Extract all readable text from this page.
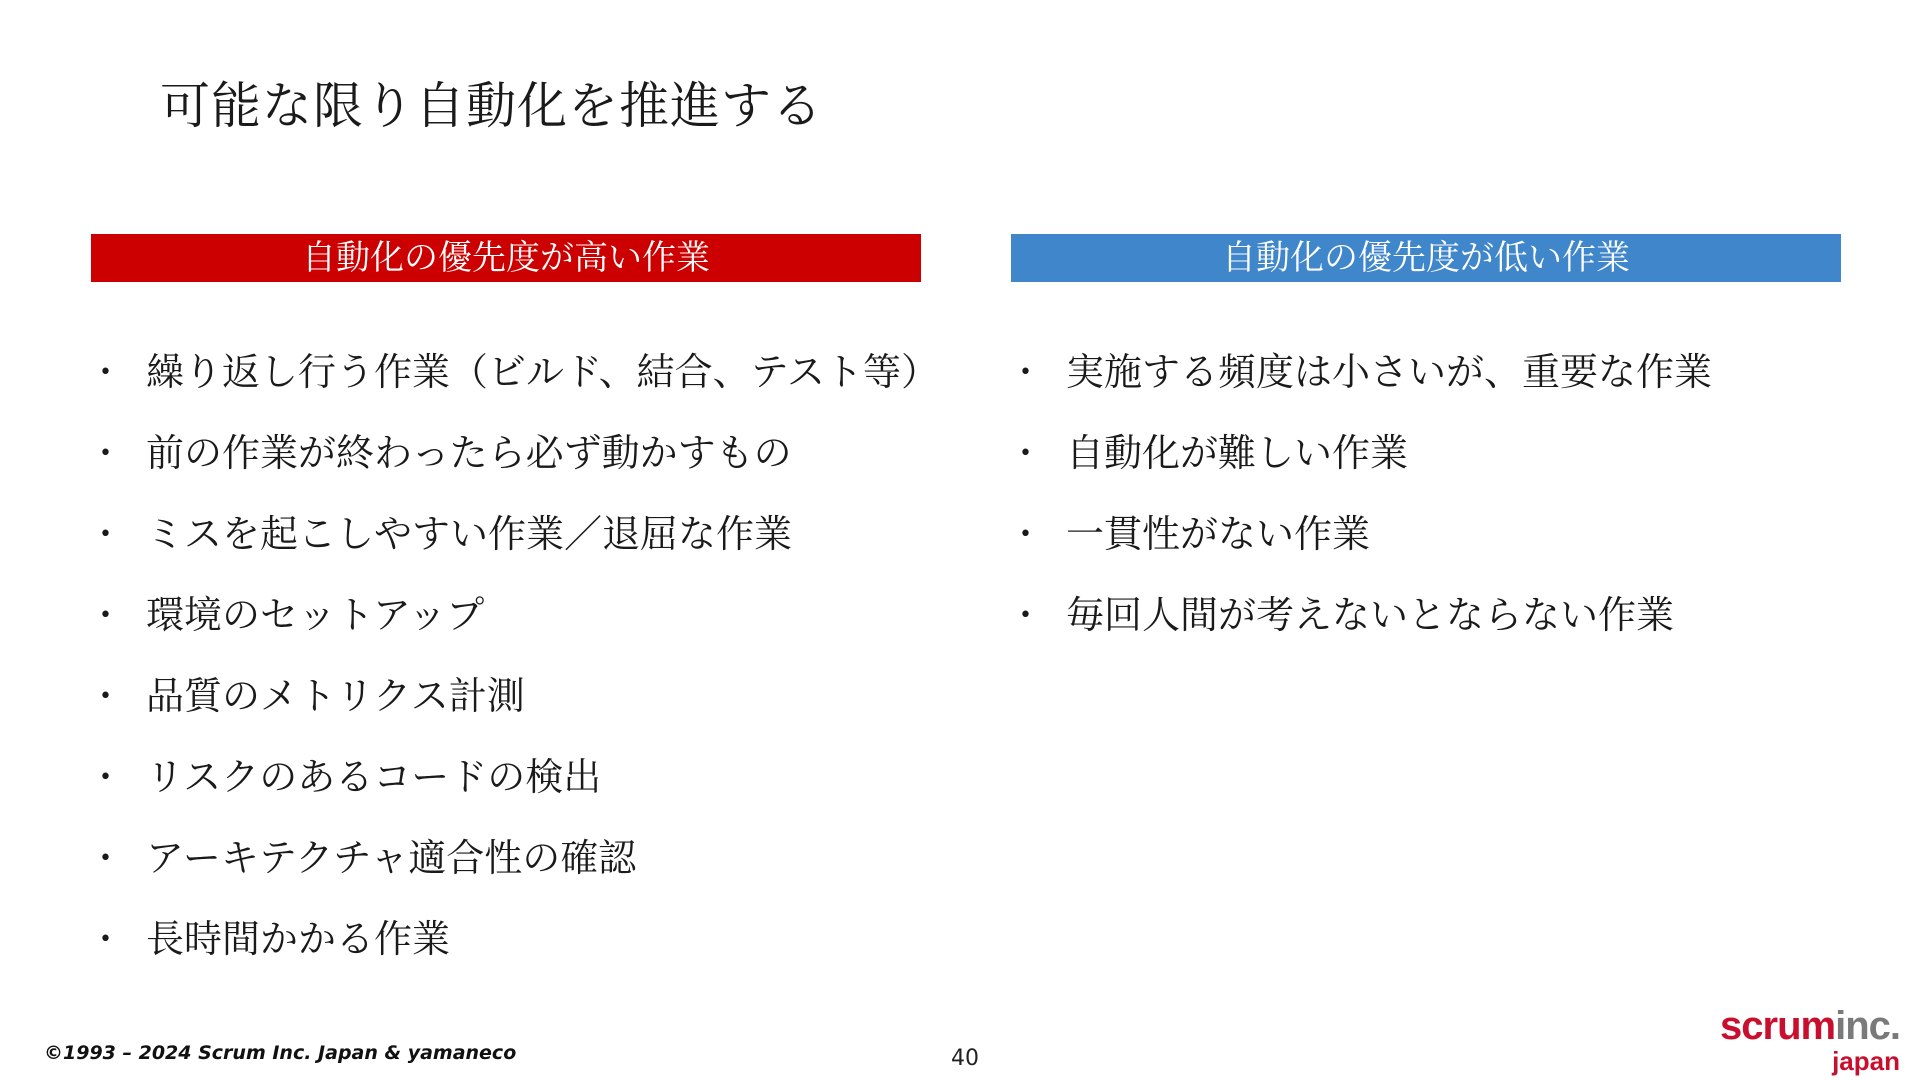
可能な限り自動化を推進する
自動化の優先度が高い作業
• 繰り返し行う作業（ビルド、結合、テスト等）
• 前の作業が終わったら必ず動かすもの
• ミスを起こしやすい作業／退屈な作業
• 環境のセットアップ
• 品質のメトリクス計測
• リスクのあるコードの検出
• アーキテクチャ適合性の確認
• 長時間かかる作業
自動化の優先度が低い作業
• 実施する頻度は小さいが、重要な作業
• 自動化が難しい作業
• 一貫性がない作業
• 毎回人間が考えないとならない作業
©1993 – 2024 Scrum Inc. Japan & yamaneco	40
scruminc.
japan
